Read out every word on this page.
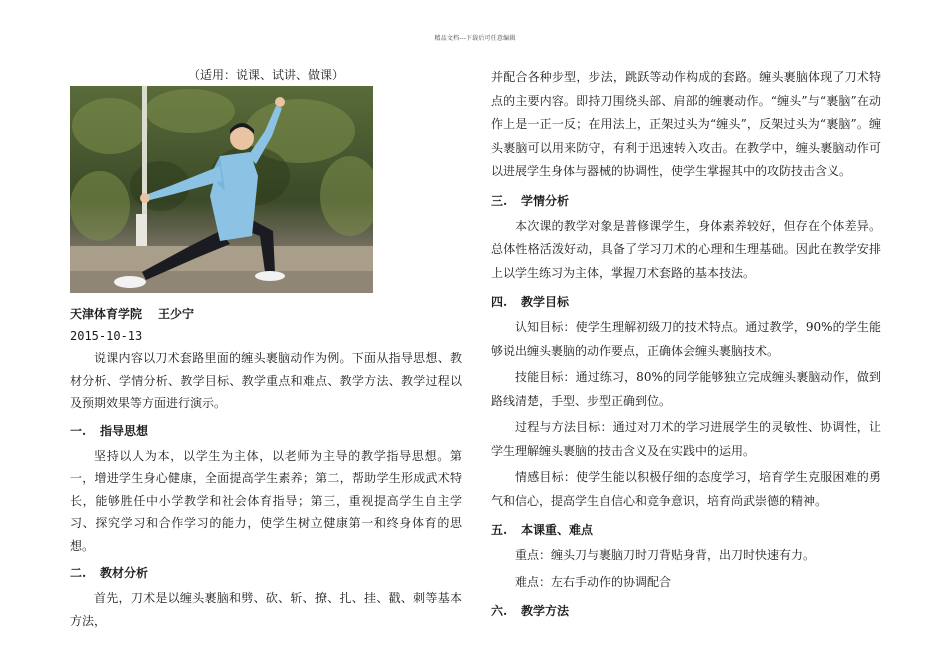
精品文档---下载后可任意编辑
（适用：说课、试讲、做课）
天津体育学院 王少宁
2015-10-13

说课内容以刀术套路里面的缠头裹脑动作为例。下面从指导思想、教材分析、学情分析、教学目标、教学重点和难点、教学方法、教学过程以及预期效果等方面进行演示。

一. 指导思想

坚持以人为本，以学生为主体，以老师为主导的教学指导思想。第一，增进学生身心健康，全面提高学生素养；第二，帮助学生形成武术特长，能够胜任中小学教学和社会体育指导；第三，重视提高学生自主学习、探究学习和合作学习的能力，使学生树立健康第一和终身体育的思想。

二. 教材分析

首先，刀术是以缠头裹脑和劈、砍、斩、撩、扎、挂、戳、刺等基本方法，

并配合各种步型，步法，跳跃等动作构成的套路。缠头裹脑体现了刀术特点的主要内容。即持刀围绕头部、肩部的缠裹动作。“缠头”与“裹脑”在动作上是一正一反；在用法上，正架过头为“缠头”，反架过头为“裹脑”。缠头裹脑可以用来防守，有利于迅速转入攻击。在教学中，缠头裹脑动作可以进展学生身体与器械的协调性，使学生掌握其中的攻防技击含义。

三. 学情分析

本次课的教学对象是普修课学生，身体素养较好，但存在个体差异。总体性格活泼好动，具备了学习刀术的心理和生理基础。因此在教学安排上以学生练习为主体，掌握刀术套路的基本技法。

四. 教学目标

认知目标：使学生理解初级刀的技术特点。通过教学，90%的学生能够说出缠头裹脑的动作要点，正确体会缠头裹脑技术。

技能目标：通过练习，80%的同学能够独立完成缠头裹脑动作，做到路线清楚，手型、步型正确到位。

过程与方法目标：通过对刀术的学习进展学生的灵敏性、协调性，让学生理解缠头裹脑的技击含义及在实践中的运用。

情感目标：使学生能以积极仔细的态度学习，培育学生克服困难的勇气和信心，提高学生自信心和竞争意识，培育尚武崇德的精神。

五. 本课重、难点

重点：缠头刀与裹脑刀时刀背贴身背，出刀时快速有力。

难点：左右手动作的协调配合

六. 教学方法
